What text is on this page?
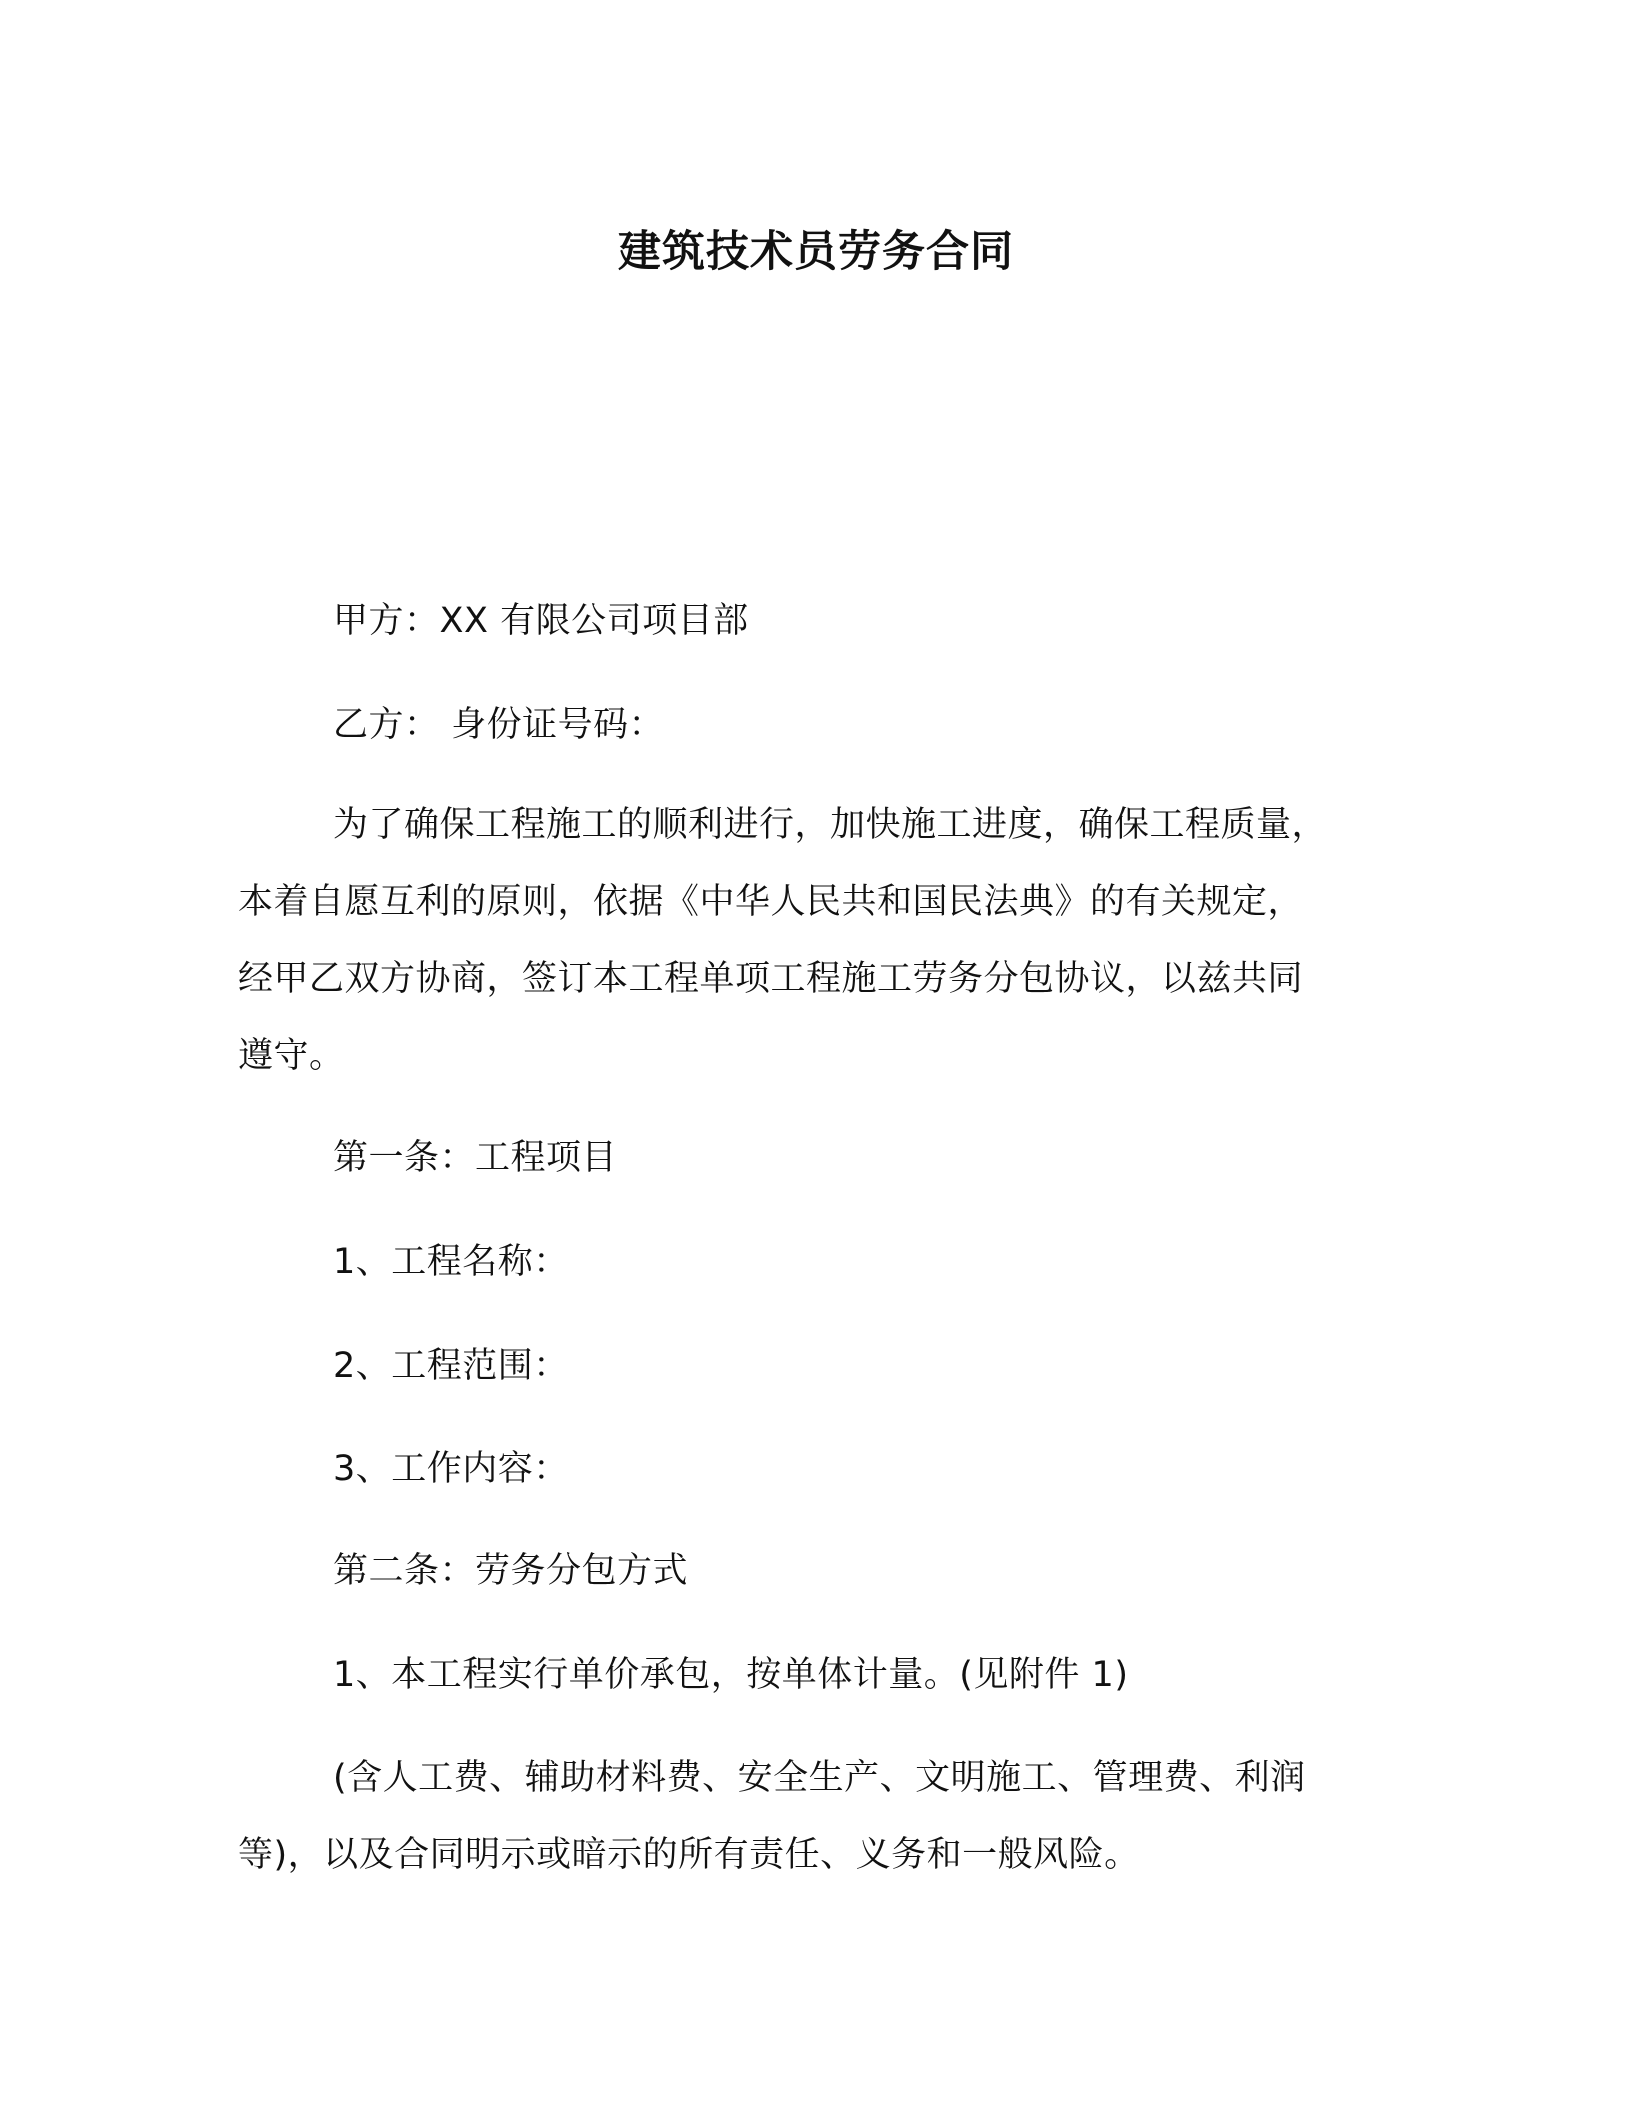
建筑技术员劳务合同

甲方：XX 有限公司项目部

乙方： 身份证号码：

为了确保工程施工的顺利进行，加快施工进度，确保工程质量，

本着自愿互利的原则，依据《中华人民共和国民法典》的有关规定，

经甲乙双方协商，签订本工程单项工程施工劳务分包协议，以兹共同

遵守。

第一条：工程项目

1、工程名称：

2、工程范围：

3、工作内容：

第二条：劳务分包方式

1、本工程实行单价承包，按单体计量。(见附件 1)

(含人工费、辅助材料费、安全生产、文明施工、管理费、利润

等)，以及合同明示或暗示的所有责任、义务和一般风险。
